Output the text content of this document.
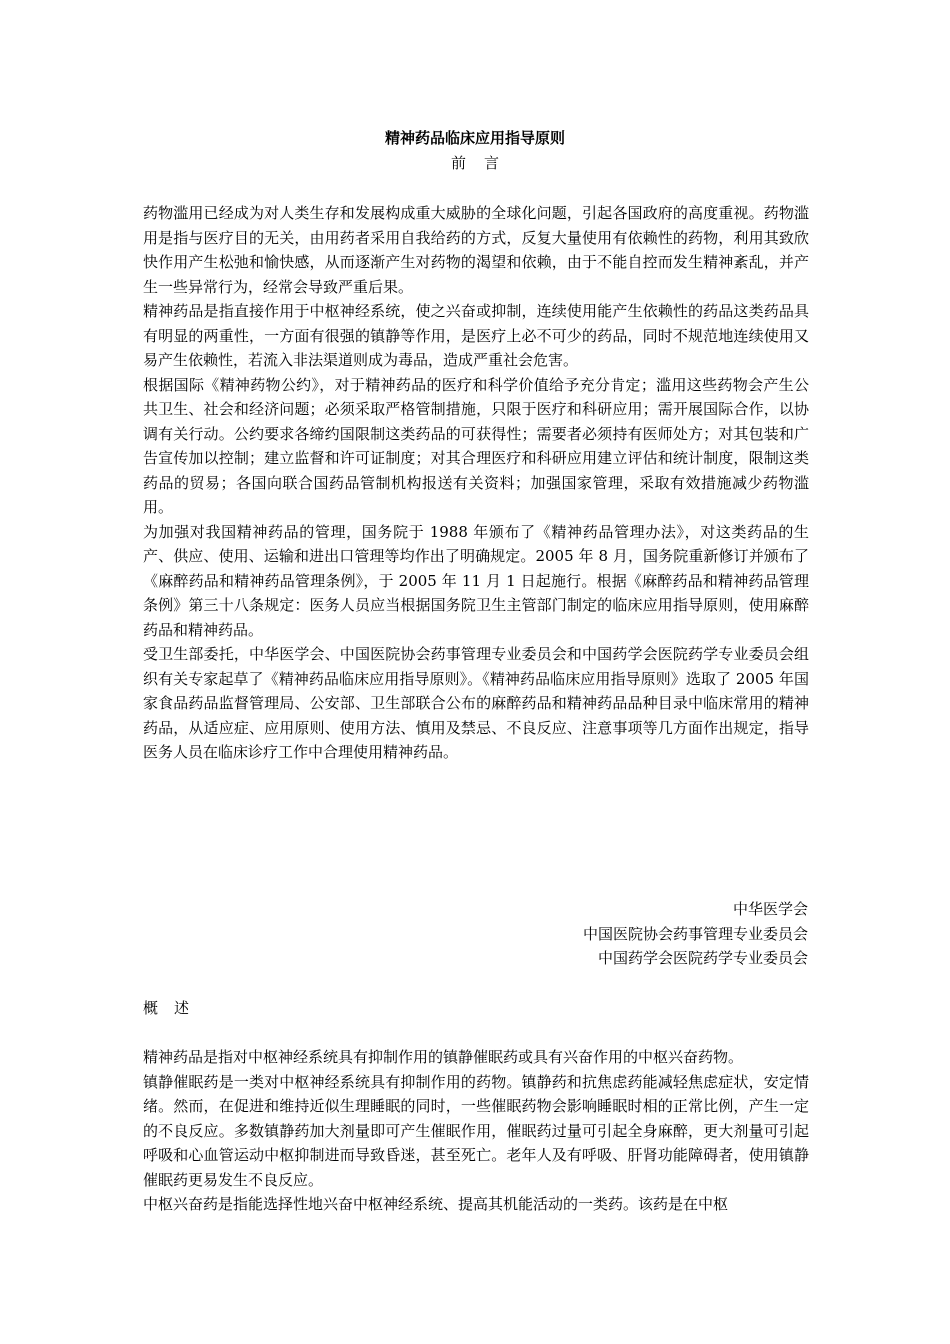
精神药品临床应用指导原则
前言

药物滥用已经成为对人类生存和发展构成重大威胁的全球化问题，引起各国政府的高度重视。药物滥用是指与医疗目的无关，由用药者采用自我给药的方式，反复大量使用有依赖性的药物，利用其致欣快作用产生松弛和愉快感，从而逐渐产生对药物的渴望和依赖，由于不能自控而发生精神紊乱，并产生一些异常行为，经常会导致严重后果。

精神药品是指直接作用于中枢神经系统，使之兴奋或抑制，连续使用能产生依赖性的药品这类药品具有明显的两重性，一方面有很强的镇静等作用，是医疗上必不可少的药品，同时不规范地连续使用又易产生依赖性，若流入非法渠道则成为毒品，造成严重社会危害。

根据国际《精神药物公约》，对于精神药品的医疗和科学价值给予充分肯定；滥用这些药物会产生公共卫生、社会和经济问题；必须采取严格管制措施，只限于医疗和科研应用；需开展国际合作，以协调有关行动。公约要求各缔约国限制这类药品的可获得性；需要者必须持有医师处方；对其包装和广告宣传加以控制；建立监督和许可证制度；对其合理医疗和科研应用建立评估和统计制度，限制这类药品的贸易；各国向联合国药品管制机构报送有关资料；加强国家管理，采取有效措施减少药物滥用。

为加强对我国精神药品的管理，国务院于 1988 年颁布了《精神药品管理办法》，对这类药品的生产、供应、使用、运输和进出口管理等均作出了明确规定。2005 年 8 月，国务院重新修订并颁布了《麻醉药品和精神药品管理条例》，于 2005 年 11 月 1 日起施行。根据《麻醉药品和精神药品管理条例》第三十八条规定：医务人员应当根据国务院卫生主管部门制定的临床应用指导原则，使用麻醉药品和精神药品。

受卫生部委托，中华医学会、中国医院协会药事管理专业委员会和中国药学会医院药学专业委员会组织有关专家起草了《精神药品临床应用指导原则》。《精神药品临床应用指导原则》选取了 2005 年国家食品药品监督管理局、公安部、卫生部联合公布的麻醉药品和精神药品品种目录中临床常用的精神药品，从适应症、应用原则、使用方法、慎用及禁忌、不良反应、注意事项等几方面作出规定，指导医务人员在临床诊疗工作中合理使用精神药品。

中华医学会
中国医院协会药事管理专业委员会
中国药学会医院药学专业委员会
概述

精神药品是指对中枢神经系统具有抑制作用的镇静催眠药或具有兴奋作用的中枢兴奋药物。

镇静催眠药是一类对中枢神经系统具有抑制作用的药物。镇静药和抗焦虑药能减轻焦虑症状，安定情绪。然而，在促进和维持近似生理睡眠的同时，一些催眠药物会影响睡眠时相的正常比例，产生一定的不良反应。多数镇静药加大剂量即可产生催眠作用，催眠药过量可引起全身麻醉，更大剂量可引起呼吸和心血管运动中枢抑制进而导致昏迷，甚至死亡。老年人及有呼吸、肝肾功能障碍者，使用镇静催眠药更易发生不良反应。

中枢兴奋药是指能选择性地兴奋中枢神经系统、提高其机能活动的一类药。该药是在中枢
